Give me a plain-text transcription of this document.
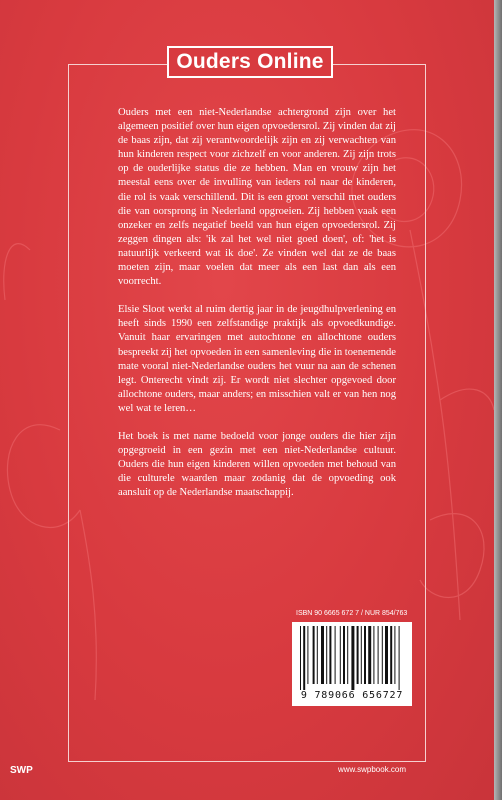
Ouders Online

Ouders met een niet-Nederlandse achtergrond zijn over het algemeen positief over hun eigen opvoedersrol. Zij vinden dat zij de baas zijn, dat zij verantwoordelijk zijn en zij verwachten van hun kinderen respect voor zichzelf en voor anderen. Zij zijn trots op de ouderlijke status die ze hebben. Man en vrouw zijn het meestal eens over de invulling van ieders rol naar de kinderen, die rol is vaak verschillend. Dit is een groot verschil met ouders die van oorsprong in Nederland opgroeien. Zij hebben vaak een onzeker en zelfs negatief beeld van hun eigen opvoedersrol. Zij zeggen dingen als: 'ik zal het wel niet goed doen', of: 'het is natuurlijk verkeerd wat ik doe'. Ze vinden wel dat ze de baas moeten zijn, maar voelen dat meer als een last dan als een voorrecht.

Elsie Sloot werkt al ruim dertig jaar in de jeugdhulpverlening en heeft sinds 1990 een zelfstandige praktijk als opvoedkundige. Vanuit haar ervaringen met autochtone en allochtone ouders bespreekt zij het opvoeden in een samenleving die in toenemende mate vooral niet-Nederlandse ouders het vuur na aan de schenen legt. Onterecht vindt zij. Er wordt niet slechter opgevoed door allochtone ouders, maar anders; en misschien valt er van hen nog wel wat te leren…

Het boek is met name bedoeld voor jonge ouders die hier zijn opgegroeid in een gezin met een niet-Nederlandse cultuur. Ouders die hun eigen kinderen willen opvoeden met behoud van die culturele waarden maar zodanig dat de opvoeding ook aansluit op de Nederlandse maatschappij.

ISBN 90 6665 672 7 / NUR 854/763
9 789066 656727
SWP	www.swpbook.com
